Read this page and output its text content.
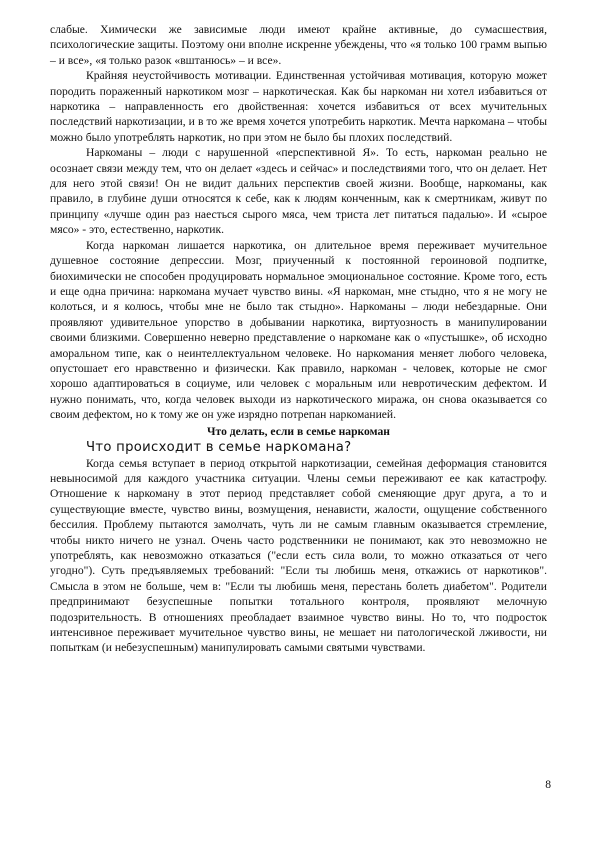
слабые. Химически же зависимые люди имеют крайне активные, до сумасшествия, психологические защиты. Поэтому они вполне искренне убеждены, что «я только 100 грамм выпью – и все», «я только разок «вштанюсь» – и все».

Крайняя неустойчивость мотивации. Единственная устойчивая мотивация, которую может породить пораженный наркотиком мозг – наркотическая. Как бы наркоман ни хотел избавиться от наркотика – направленность его двойственная: хочется избавиться от всех мучительных последствий наркотизации, и в то же время хочется употребить наркотик. Мечта наркомана – чтобы можно было употреблять наркотик, но при этом не было бы плохих последствий.

Наркоманы – люди с нарушенной «перспективной Я». То есть, наркоман реально не осознает связи между тем, что он делает «здесь и сейчас» и последствиями того, что он делает. Нет для него этой связи! Он не видит дальних перспектив своей жизни. Вообще, наркоманы, как правило, в глубине души относятся к себе, как к людям конченным, как к смертникам, живут по принципу «лучше один раз наесться сырого мяса, чем триста лет питаться падалью». И «сырое мясо» - это, естественно, наркотик.

Когда наркоман лишается наркотика, он длительное время переживает мучительное душевное состояние депрессии. Мозг, приученный к постоянной героиновой подпитке, биохимически не способен продуцировать нормальное эмоциональное состояние. Кроме того, есть и еще одна причина: наркомана мучает чувство вины. «Я наркоман, мне стыдно, что я не могу не колоться, и я колюсь, чтобы мне не было так стыдно». Наркоманы – люди небездарные. Они проявляют удивительное упорство в добывании наркотика, виртуозность в манипулировании своими близкими. Совершенно неверно представление о наркомане как о «пустышке», об исходно аморальном типе, как о неинтеллектуальном человеке. Но наркомания меняет любого человека, опустошает его нравственно и физически. Как правило, наркоман - человек, которые не смог хорошо адаптироваться в социуме, или человек с моральным или невротическим дефектом. И нужно понимать, что, когда человек выходи из наркотического миража, он снова оказывается со своим дефектом, но к тому же он уже изрядно потрепан наркоманией.

Что делать, если в семье наркоман
Что происходит в семье наркомана?

Когда семья вступает в период открытой наркотизации, семейная деформация становится невыносимой для каждого участника ситуации. Члены семьи переживают ее как катастрофу. Отношение к наркоману в этот период представляет собой сменяющие друг друга, а то и существующие вместе, чувство вины, возмущения, ненависти, жалости, ощущение собственного бессилия. Проблему пытаются замолчать, чуть ли не самым главным оказывается стремление, чтобы никто ничего не узнал. Очень часто родственники не понимают, как это невозможно не употреблять, как невозможно отказаться ("если есть сила воли, то можно отказаться от чего угодно"). Суть предъявляемых требований: "Если ты любишь меня, откажись от наркотиков". Смысла в этом не больше, чем в: "Если ты любишь меня, перестань болеть диабетом". Родители предпринимают безуспешные попытки тотального контроля, проявляют мелочную подозрительность. В отношениях преобладает взаимное чувство вины. Но то, что подросток интенсивное переживает мучительное чувство вины, не мешает ни патологической лживости, ни попыткам (и небезуспешным) манипулировать самыми святыми чувствами.

8
